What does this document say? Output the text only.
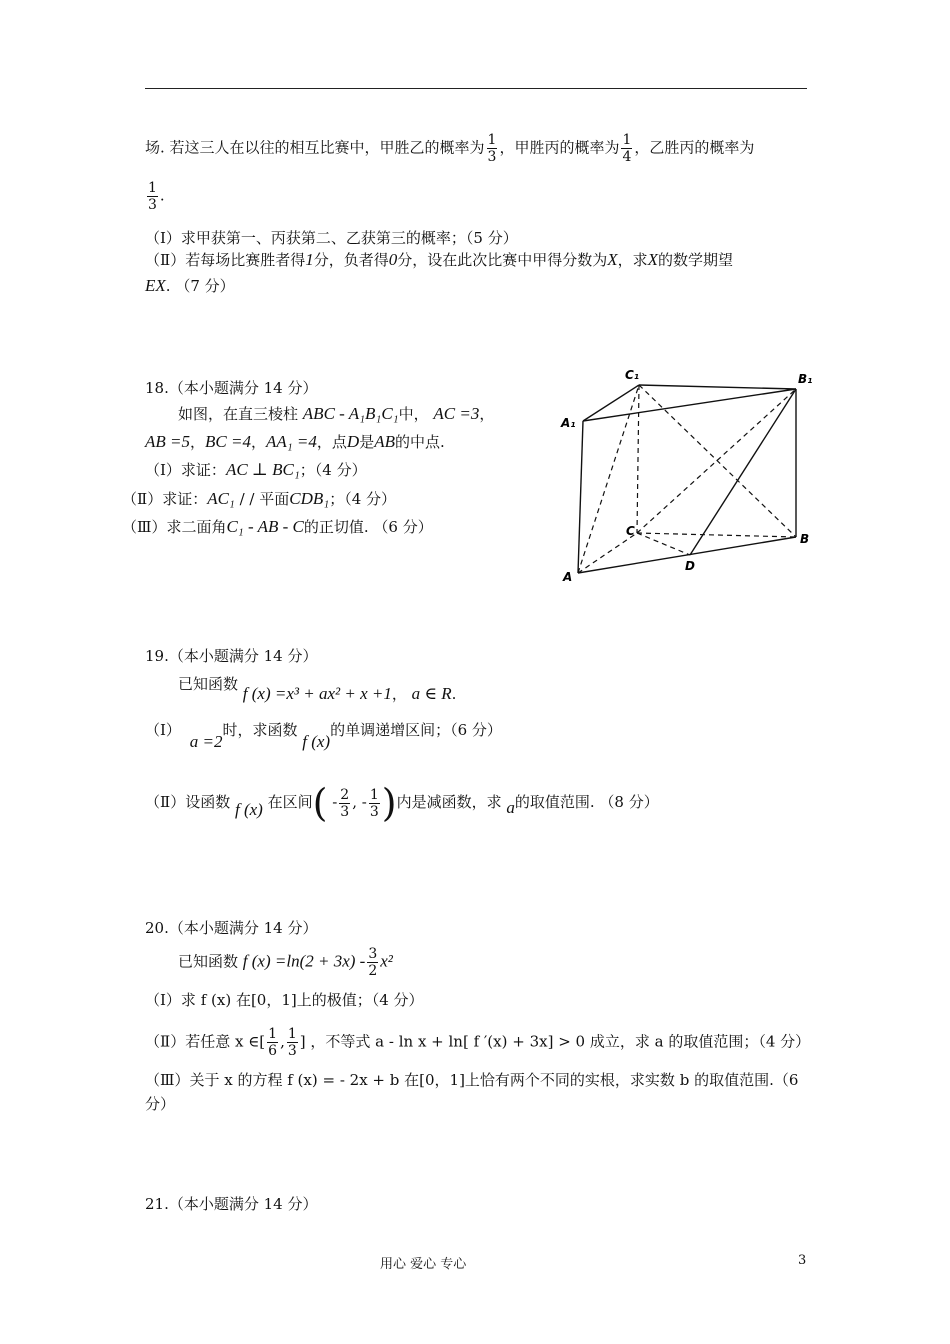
场. 若这三人在以往的相互比赛中，甲胜乙的概率为 $\frac{1}{3}$ ，甲胜丙的概率为 $\frac{1}{4}$ ，乙胜丙的概率为
$\frac{1}{3}$ .
（Ⅰ）求甲获第一、丙获第二、乙获第三的概率；（5 分）
（Ⅱ）若每场比赛胜者得1分，负者得0分，设在此次比赛中甲得分数为X，求X的数学期望
EX. （7 分）
18.（本小题满分 14 分）
如图，在直三棱柱 ABC - A₁B₁C₁中， AC =3，
AB =5，BC =4，AA₁ =4，点D是AB的中点.
（Ⅰ）求证：AC ⊥ BC₁；（4 分）
（Ⅱ）求证：AC₁ / / 平面CDB₁；（4 分）
（Ⅲ）求二面角C₁ - AB - C的正切值. （6 分）
C₁	B₁
A₁
C
B
D
A
19.（本小题满分 14 分）
已知函数 f (x) =x³ + ax² + x +1， a ∈ R.
（Ⅰ） a =2时，求函数 f (x)的单调递增区间；（6 分）
（Ⅱ）设函数 f (x) 在区间( - $\frac{2}{3}$ , - $\frac{1}{3}$ )内是减函数，求 a的取值范围. （8 分）
20.（本小题满分 14 分）
已知函数 f $(x) =\ln(2 + 3x) - \frac{3}{2} x^2$
（Ⅰ）求 f (x) 在[0，1]上的极值；（4 分）
（Ⅱ）若任意 x ∈[ $\frac{1}{6}$ , $\frac{1}{3}$ ] ，不等式 a - ln x + ln[ f ′(x) + 3x] > 0 成立，求 a 的取值范围；（4 分）
（Ⅲ）关于 x 的方程 f (x) = - 2x + b 在[0，1]上恰有两个不同的实根，求实数 b 的取值范围.（6
分）
21.（本小题满分 14 分）
用心 爱心 专心	3
